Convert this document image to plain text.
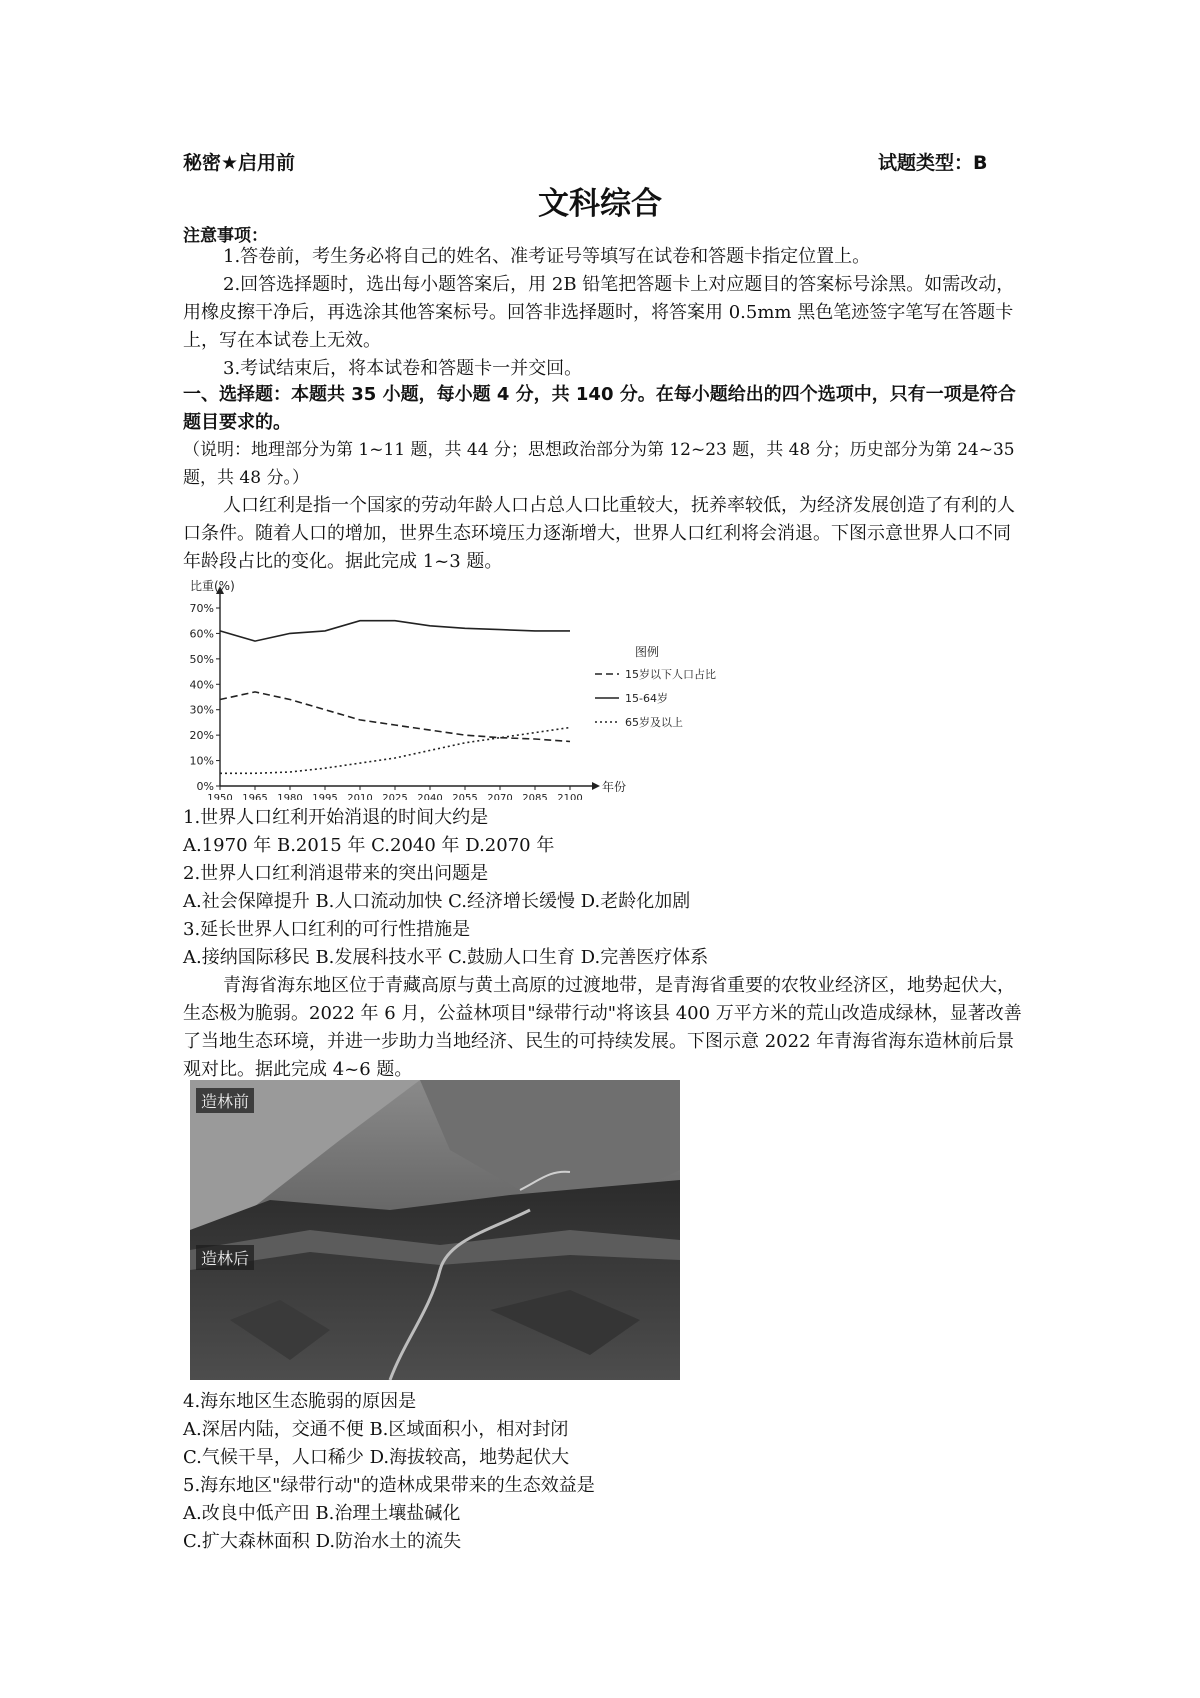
秘密★启用前	试题类型：B
文科综合
注意事项：
1.答卷前，考生务必将自己的姓名、准考证号等填写在试卷和答题卡指定位置上。
2.回答选择题时，选出每小题答案后，用 2B 铅笔把答题卡上对应题目的答案标号涂黑。如需改动，用橡皮擦干净后，再选涂其他答案标号。回答非选择题时，将答案用 0.5mm 黑色笔迹签字笔写在答题卡上，写在本试卷上无效。
3.考试结束后，将本试卷和答题卡一并交回。
一、选择题：本题共 35 小题，每小题 4 分，共 140 分。在每小题给出的四个选项中，只有一项是符合题目要求的。
（说明：地理部分为第 1~11 题，共 44 分；思想政治部分为第 12~23 题，共 48 分；历史部分为第 24~35 题，共 48 分。）
人口红利是指一个国家的劳动年龄人口占总人口比重较大，抚养率较低，为经济发展创造了有利的人口条件。随着人口的增加，世界生态环境压力逐渐增大，世界人口红利将会消退。下图示意世界人口不同年龄段占比的变化。据此完成 1~3 题。
比重(%)
年份
0%
10%
20%
30%
40%
50%
60%
70%
1950 1965 1980 1995 2010 2025 2040 2055 2070 2085 2100
图例
15岁以下人口占比
15-64岁
65岁及以上
1.世界人口红利开始消退的时间大约是
A.1970 年 B.2015 年 C.2040 年 D.2070 年
2.世界人口红利消退带来的突出问题是
A.社会保障提升 B.人口流动加快 C.经济增长缓慢 D.老龄化加剧
3.延长世界人口红利的可行性措施是
A.接纳国际移民 B.发展科技水平 C.鼓励人口生育 D.完善医疗体系
青海省海东地区位于青藏高原与黄土高原的过渡地带，是青海省重要的农牧业经济区，地势起伏大，生态极为脆弱。2022 年 6 月，公益林项目"绿带行动"将该县 400 万平方米的荒山改造成绿林，显著改善了当地生态环境，并进一步助力当地经济、民生的可持续发展。下图示意 2022 年青海省海东造林前后景观对比。据此完成 4~6 题。
造林前
造林后
4.海东地区生态脆弱的原因是
A.深居内陆，交通不便 B.区域面积小，相对封闭
C.气候干旱，人口稀少 D.海拔较高，地势起伏大
5.海东地区"绿带行动"的造林成果带来的生态效益是
A.改良中低产田 B.治理土壤盐碱化
C.扩大森林面积 D.防治水土的流失
